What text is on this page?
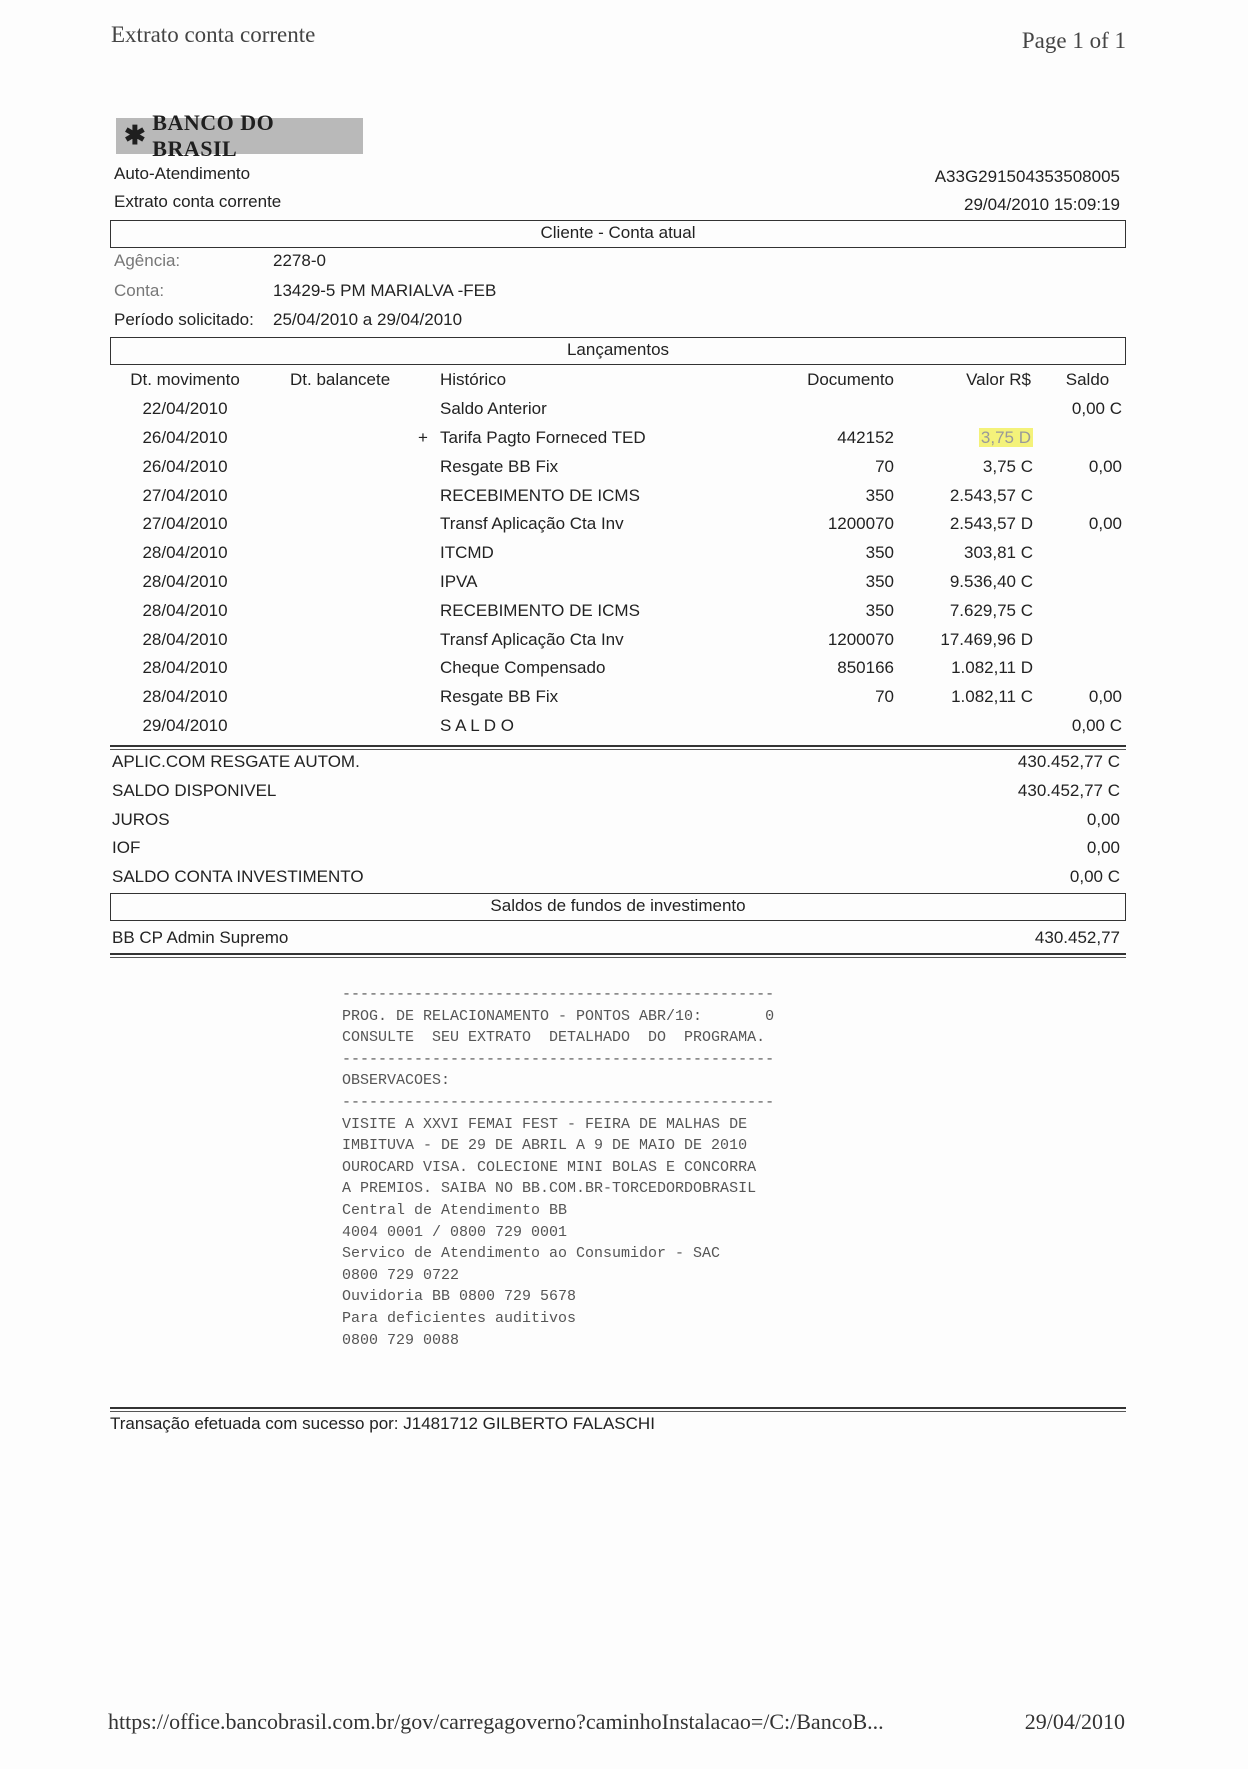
Extrato conta corrente	Page 1 of 1
✱ BANCO DO BRASIL
Auto-Atendimento
Extrato conta corrente
A33G291504353508005
29/04/2010 15:09:19
Cliente - Conta atual
Agência:	2278-0
Conta:	13429-5 PM MARIALVA -FEB
Período solicitado: 25/04/2010 a 29/04/2010
Lançamentos
Dt. movimento	Dt. balancete	Histórico	Documento	Valor R$	Saldo
22/04/2010		Saldo Anterior			0,00 C
26/04/2010		+ Tarifa Pagto Forneced TED	442152	3,75 D	
26/04/2010		Resgate BB Fix	70	3,75 C	0,00
27/04/2010		RECEBIMENTO DE ICMS	350	2.543,57 C	
27/04/2010		Transf Aplicação Cta Inv	1200070	2.543,57 D	0,00
28/04/2010		ITCMD	350	303,81 C	
28/04/2010		IPVA	350	9.536,40 C	
28/04/2010		RECEBIMENTO DE ICMS	350	7.629,75 C	
28/04/2010		Transf Aplicação Cta Inv	1200070	17.469,96 D	
28/04/2010		Cheque Compensado	850166	1.082,11 D	
28/04/2010		Resgate BB Fix	70	1.082,11 C	0,00
29/04/2010		S A L D O			0,00 C
APLIC.COM RESGATE AUTOM.	430.452,77 C
SALDO DISPONIVEL	430.452,77 C
JUROS	0,00
IOF	0,00
SALDO CONTA INVESTIMENTO	0,00 C
Saldos de fundos de investimento
BB CP Admin Supremo	430.452,77
------------------------------------------------
PROG. DE RELACIONAMENTO - PONTOS ABR/10:       0
CONSULTE  SEU EXTRATO  DETALHADO  DO  PROGRAMA.
------------------------------------------------
OBSERVACOES:
------------------------------------------------
VISITE A XXVI FEMAI FEST - FEIRA DE MALHAS DE
IMBITUVA - DE 29 DE ABRIL A 9 DE MAIO DE 2010
OUROCARD VISA. COLECIONE MINI BOLAS E CONCORRA
A PREMIOS. SAIBA NO BB.COM.BR-TORCEDORDOBRASIL
Central de Atendimento BB
4004 0001 / 0800 729 0001
Servico de Atendimento ao Consumidor - SAC
0800 729 0722
Ouvidoria BB 0800 729 5678
Para deficientes auditivos
0800 729 0088
Transação efetuada com sucesso por: J1481712 GILBERTO FALASCHI
https://office.bancobrasil.com.br/gov/carregagoverno?caminhoInstalacao=/C:/BancoB...	29/04/2010
